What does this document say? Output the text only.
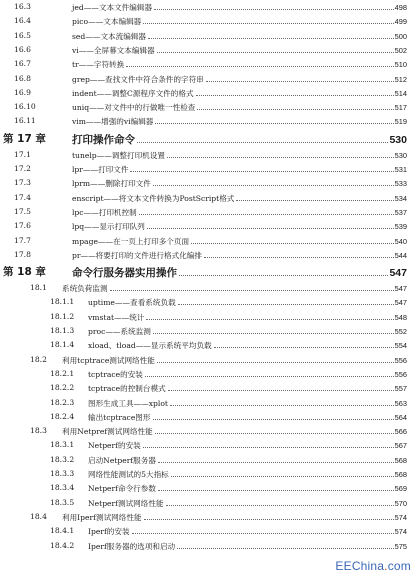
16.3	jed——文本文件编辑器	498
16.4	pico——文本编辑器	499
16.5	sed——文本流编辑器	500
16.6	vi——全屏幕文本编辑器	502
16.7	tr——字符转换	510
16.8	grep——查找文件中符合条件的字符串	512
16.9	indent——调整C源程序文件的格式	514
16.10	uniq——对文件中的行做唯一性检查	517
16.11	vim——增强的vi编辑器	519
第 17 章 打印操作命令	530
17.1	tunelp——调整打印机设置	530
17.2	lpr——打印文件	531
17.3	lprm——删除打印文件	533
17.4	enscript——将文本文件转换为PostScript格式	534
17.5	lpc——打印机控制	537
17.6	lpq——显示打印队列	539
17.7	mpage——在一页上打印多个页面	540
17.8	pr——将要打印的文件进行格式化编排	544
第 18 章 命令行服务器实用操作	547
18.1 系统负荷监测	547
18.1.1 uptime——查看系统负载	547
18.1.2 vmstat——统计	548
18.1.3 proc——系统监测	552
18.1.4 xload、tload——显示系统平均负载	554
18.2 利用tcptrace测试网络性能	556
18.2.1 tcptrace的安装	556
18.2.2 tcptrace的控制台模式	557
18.2.3 图形生成工具——xplot	563
18.2.4 输出tcptrace图形	564
18.3 利用Netpref测试网络性能	566
18.3.1 Netperf的安装	567
18.3.2 启动Netperf服务器	568
18.3.3 网络性能测试的5大指标	568
18.3.4 Netperf命令行参数	569
18.3.5 Netperf测试网络性能	570
18.4 利用Iperf测试网络性能	574
18.4.1 Iperf的安装	574
18.4.2 Iperf服务器的选项和启动	575
EEChina.com
